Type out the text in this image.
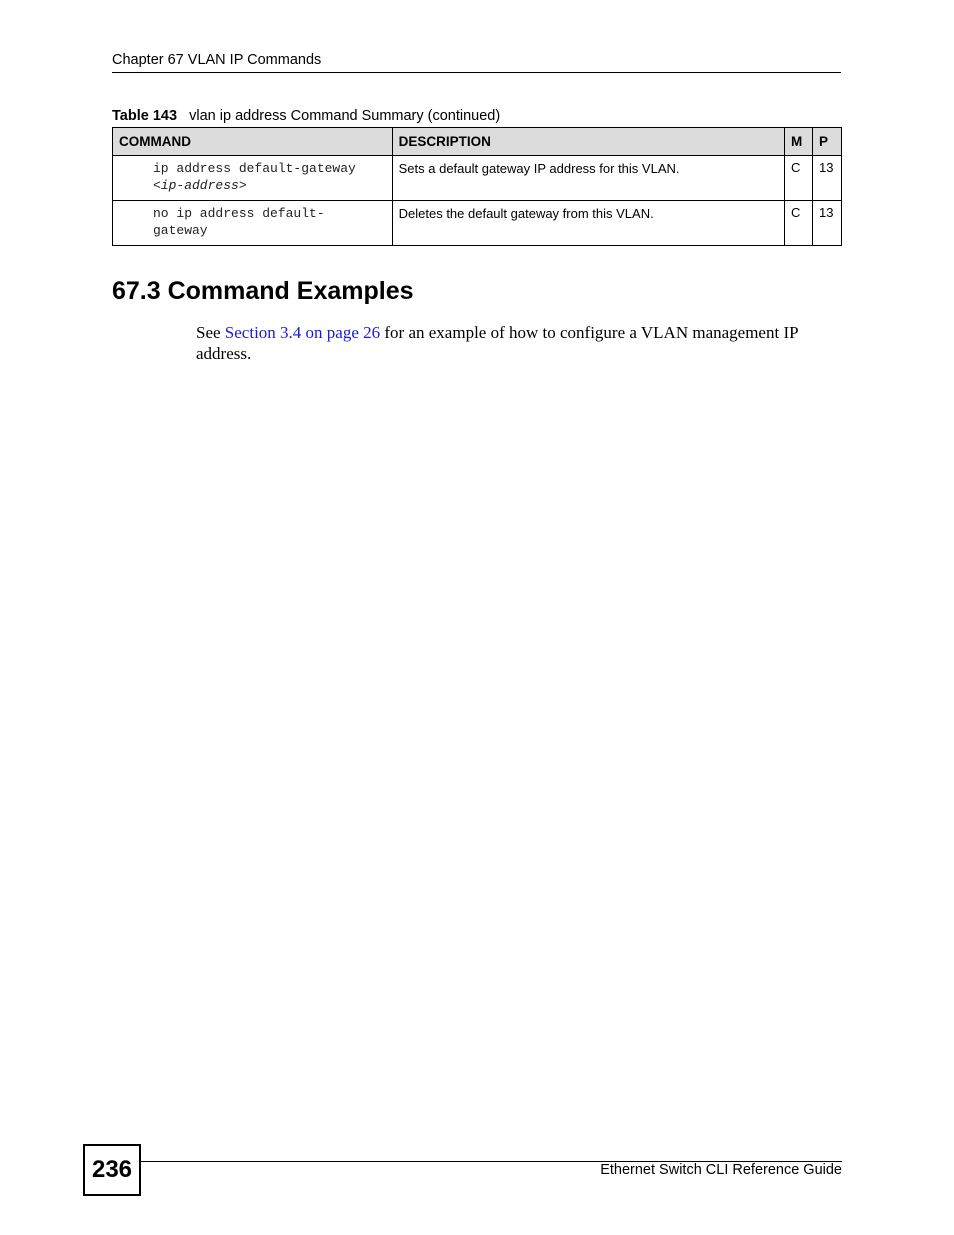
Chapter 67 VLAN IP Commands
Table 143 vlan ip address Command Summary (continued)
COMMAND	DESCRIPTION	M	P
ip address default-gateway
<ip-address>	Sets a default gateway IP address for this VLAN.	C	13
no ip address default-
gateway	Deletes the default gateway from this VLAN.	C	13
67.3 Command Examples

See Section 3.4 on page 26 for an example of how to configure a VLAN management IP address.

236	Ethernet Switch CLI Reference Guide
